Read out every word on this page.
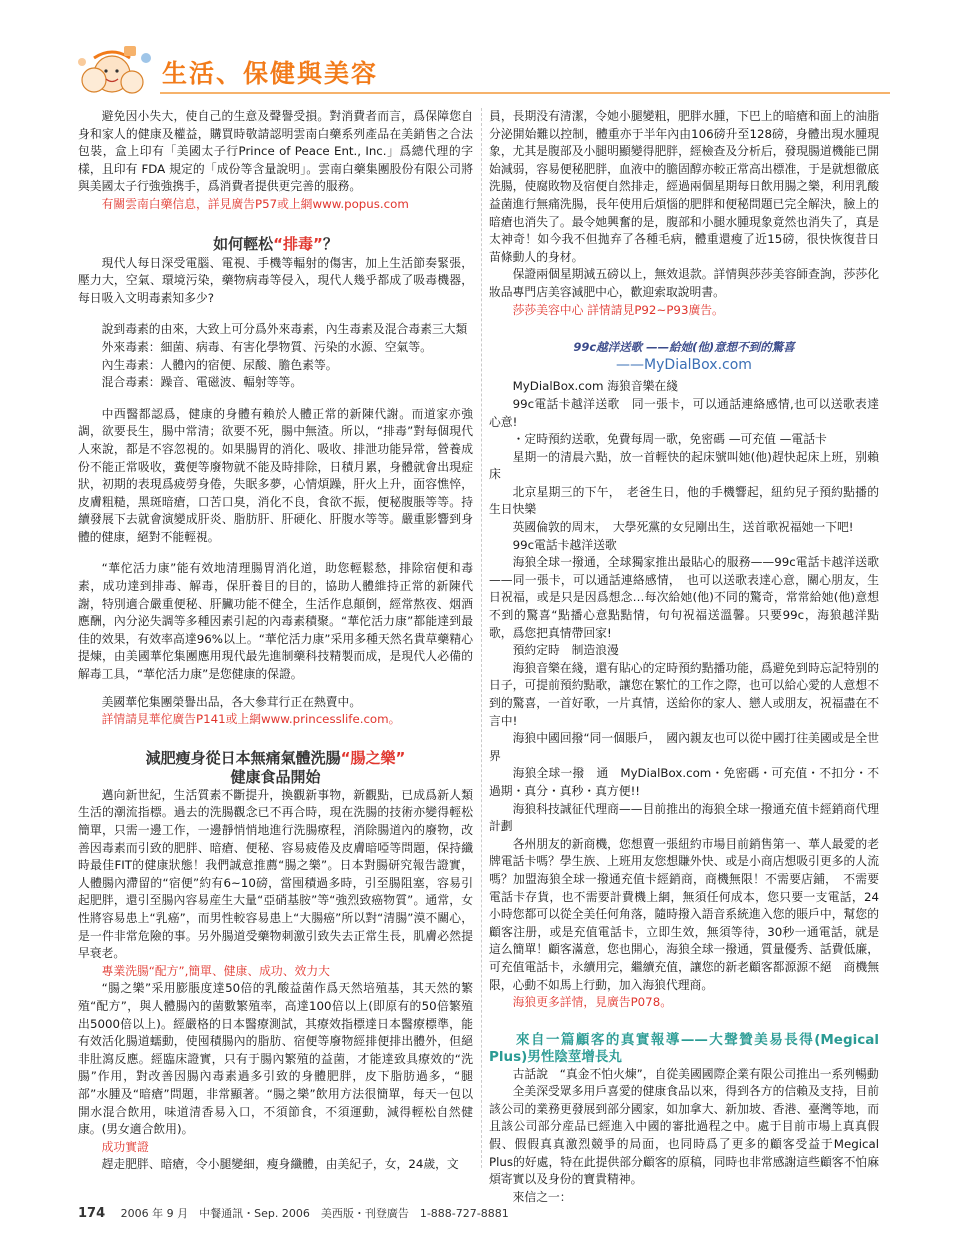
生活、保健與美容

避免因小失大，使自己的生意及聲譽受損。對消費者而言，爲保障您自身和家人的健康及權益，購買時敬請認明雲南白藥系列產品在美銷售之合法包裝，盒上印有「美國太子行Prince of Peace Ent., Inc.」爲總代理的字樣，且印有 FDA 規定的「成份等含量說明」。雲南白藥集團股份有限公司將與美國太子行強強携手，爲消費者提供更完善的服務。

有關雲南白藥信息，詳見廣告P57或上網www.popus.com

如何輕松“排毒”？

現代人每日深受電腦、電視、手機等輻射的傷害，加上生活節奏緊張，壓力大，空氣、環境污染，藥物病毒等侵入，現代人幾乎都成了吸毒機器，每日吸入文明毒素知多少?

說到毒素的由來，大致上可分爲外來毒素，內生毒素及混合毒素三大類

外來毒素：細菌、病毒、有害化學物質、污染的水源、空氣等。

內生毒素：人體內的宿便、尿酸、膽色素等。

混合毒素：躁音、電磁波、輻射等等。

中西醫都認爲，健康的身體有賴於人體正常的新陳代謝。而道家亦強調，欲要長生，腸中常清；欲要不死，腸中無渣。所以，“排毒”對每個現代人來說，都是不容忽視的。如果腸胃的消化、吸收、排泄功能异常，營養成份不能正常吸收，糞便等廢物就不能及時排除，日積月累，身體就會出現症狀，初期的表現爲疲勞身倦，失眠多夢，心情煩躁，肝火上升，面容憔悴，皮膚粗糙，黑斑暗瘡，口苦口臭，消化不良，食欲不振，便秘腹脹等等。持續發展下去就會演變成肝炎、脂肪肝、肝硬化、肝腹水等等。嚴重影響到身體的健康，絕對不能輕視。

“華佗活力康”能有效地清理腸胃消化道，助您輕鬆愁，排除宿便和毒素，成功達到排毒、解毒，保肝養目的目的，協助人體維持正常的新陳代謝，特別適合嚴重便秘、肝臟功能不健全，生活作息顛倒，經常熬夜、烟酒應酬，內分泌失調等多種因素引起的內毒素積聚。“華佗活力康”都能達到最佳的效果，有效率高達96%以上。“華佗活力康”采用多種天然名貴草藥精心提煉，由美國華佗集團應用現代最先進制藥科技精製而成，是現代人必備的解毒工具，“華佗活力康”是您健康的保證。

美國華佗集團榮譽出品，各大參茸行正在熱賣中。

詳情請見華佗廣告P141或上網www.princesslife.com。

減肥瘦身從日本無痛氣體洗腸“腸之樂”
健康食品開始

邁向新世紀，生活質素不斷提升，換觀新事物，新觀點，已成爲新人類生活的潮流指標。過去的洗腸觀念已不再合時，現在洗腸的技術亦變得輕松簡單，只需一邊工作，一邊靜悄悄地進行洗腸療程，消除腸道內的廢物，改善因毒素而引致的肥胖、暗瘡、便秘、容易疲倦及皮膚暗啞等問題，保持纖時最佳FIT的健康狀態！我們誠意推薦“腸之樂”。日本對腸研究報告證實，人體腸內滯留的“宿便”約有6~10磅，當囤積過多時，引至腸阻塞，容易引起肥胖，還引至腸內容易産生大量“亞硝基胺”等“強烈致癌物質”。通常，女性將容易患上“乳癌”，而男性較容易患上“大腸癌”所以對“清腸”漠不關心，是一件非常危險的事。另外腸道受藥物刺激引致失去正常生長，肌膚必然提早衰老。

專業洗腸“配方”,簡單、健康、成功、效力大

“腸之樂”采用膨脹度達50倍的乳酸益菌作爲天然培殖基，其天然的繁殖“配方”，與人體腸內的菌數繁殖率，高達100倍以上(即原有的50倍繁殖出5000倍以上)。經嚴格的日本醫療測試，其療效指標達日本醫療標準，能有效活化腸道蠕動，使囤積腸內的脂肪、宿便等廢物經排便排出體外，但絕非肚瀉反應。經臨床證實，只有于腸內繁殖的益菌，才能達致具療效的“洗腸”作用，對改善因腸內毒素過多引致的身體肥胖，皮下脂肪過多，“腿部”水腫及“暗瘡”問題，非常顯著。“腸之樂”飲用方法很簡單，每天一包以開水混合飲用，味道清香易入口，不須節食，不須運動，減得輕松自然健康。(男女適合飲用)。

成功實證

趕走肥胖、暗瘡，令小腿變細，瘦身纖體，由美紀子，女，24歲，文

員，長期没有清潔，令她小腿變粗，肥胖水腫，下巴上的暗瘡和面上的油脂分泌開始難以控制，體重亦于半年內由106磅升至128磅，身體出現水腫現象，尤其是腹部及小腿明顯變得肥胖，經檢查及分析后，發現腸道機能已開始減弱，容易便秘肥胖，血液中的膽固醇亦較正常高出標准，于是就想徹底洗腸，使腐敗物及宿便自然排走，經過兩個星期每日飲用腸之樂，利用乳酸益菌進行無痛洗腸，長年使用后煩惱的肥胖和便秘問題已完全解決，臉上的暗瘡也消失了。最令她興奮的是，腹部和小腿水腫現象竟然也消失了，真是太神奇！如今我不但拋弃了各種毛病，體重還瘦了近15磅，很快恢復昔日苗條動人的身材。

保證兩個星期減五磅以上，無效退款。詳情與莎莎美容師查詢，莎莎化妝品專門店美容減肥中心，歡迎索取說明書。

莎莎美容中心 詳情請見P92~P93廣告。

99c越洋送歌 ——給她(他)意想不到的驚喜
——MyDialBox.com

MyDialBox.com 海狼音樂在綫

99c電話卡越洋送歌　同一張卡，可以通話連絡感情,也可以送歌表達心意!

・定時預約送歌，免費每周一歌，免密碼 —可充值 —電話卡

星期一的清晨六點，放一首輕快的起床號叫她(他)趕快起床上班，别賴床

北京星期三的下午，　老爸生日，他的手機響起，紐約兒子預約點播的生日快樂

英國倫敦的周末，　大學死黨的女兒剛出生，送首歌祝福她一下吧!

99c電話卡越洋送歌

海狼全球一撥通，全球獨家推出最貼心的服務——99c電話卡越洋送歌——同一張卡，可以通話連絡感情，　也可以送歌表達心意，關心朋友，生日祝福，或是只是因爲想念…每次給她(他)不同的驚奇，常常給她(他)意想不到的驚喜“點播心意點點情，句句祝福送溫馨。只要99c，海狼越洋點歌，爲您把真情帶回家!

預約定時　制造浪漫

海狼音樂在綫，還有貼心的定時預約點播功能，爲避免到時忘記特别的日子，可提前預約點歌，讓您在繁忙的工作之際，也可以給心愛的人意想不到的驚喜，一首好歌，一片真情，送給你的家人、戀人或朋友，祝福盡在不言中!

海狼中國回撥“同一個賬戶，　國內親友也可以從中國打往美國或是全世界

海狼全球一撥　通　MyDialBox.com・免密碼・可充值・不扣分・不過期・真分・真秒・真方便!!

海狼科技誠征代理商——目前推出的海狼全球一撥通充值卡經銷商代理計劃

各州朋友的新商機，您想賣一張紐約市場目前銷售第一、華人最愛的老牌電話卡嗎？學生族、上班用友您想賺外快、或是小商店想吸引更多的人流嗎？加盟海狼全球一撥通充值卡經銷商，商機無限！不需要店鋪，　不需要電話卡存貨，也不需要計費機上網，無須任何成本，您只要一支電話，24小時您都可以從全美任何角落，隨時撥入語音系統進入您的賬戶中，幫您的顧客注册，或是充值電話卡，立即生效，無須等待，30秒一通電話，就是這么簡單！顧客滿意，您也開心，海狼全球一撥通，質量優秀、話費低廉，可充值電話卡，永續用完，繼續充值，讓您的新老顧客都源源不絕　商機無限，心動不如馬上行動，加入海狼代理商。

海狼更多詳情，見廣告P078。

來自一篇顧客的真實報導——大聲贊美易長得(Megical Plus)男性陰莖增長丸

古話說　“真金不怕火煉”，自從美國國際企業有限公司推出一系列暢動

全美深受眾多用戶喜愛的健康食品以來，得到各方的信賴及支持，目前該公司的業務更發展到部分國家，如加拿大、新加坡、香港、臺灣等地，而且該公司部分産品已經進入中國的審批過程之中。處于目前市場上真真假假、假假真真激烈競爭的局面，也同時爲了更多的顧客受益于Megical Plus的好處，特在此提供部分顧客的原稿，同時也非常感謝這些顧客不怕麻煩寄實以及身份的寶貴精神。

來信之一：

174 2006 年 9 月　中餐通訊・Sep. 2006　美西版・刊登廣告　1-888-727-8881
